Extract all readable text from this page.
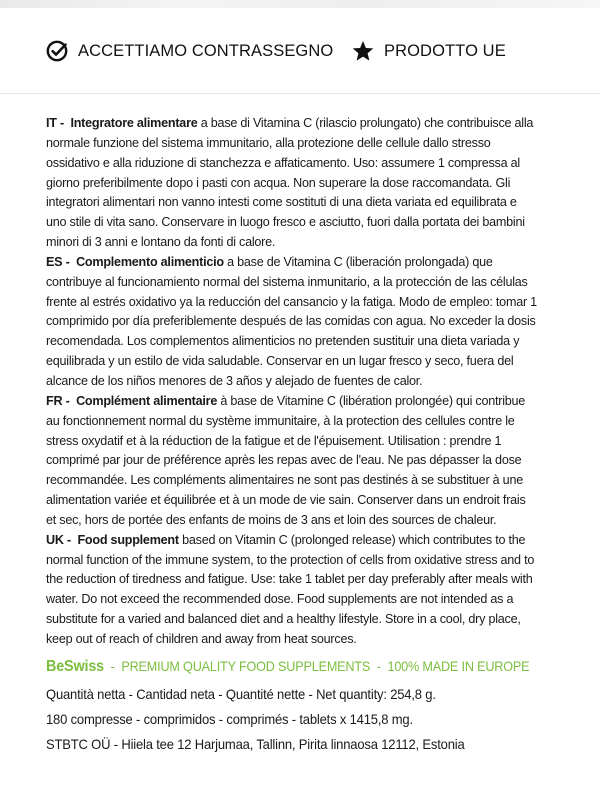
ACCETTIAMO CONTRASSEGNO	PRODOTTO UE

IT -  Integratore alimentare a base di Vitamina C (rilascio prolungato) che contribuisce alla normale funzione del sistema immunitario, alla protezione delle cellule dallo stresso ossidativo e alla riduzione di stanchezza e affaticamento. Uso: assumere 1 compressa al giorno preferibilmente dopo i pasti con acqua. Non superare la dose raccomandata. Gli integratori alimentari non vanno intesti come sostituti di una dieta variata ed equilibrata e uno stile di vita sano. Conservare in luogo fresco e asciutto, fuori dalla portata dei bambini minori di 3 anni e lontano da fonti di calore.

ES -  Complemento alimenticio a base de Vitamina C (liberación prolongada) que contribuye al funcionamiento normal del sistema inmunitario, a la protección de las células frente al estrés oxidativo ya la reducción del cansancio y la fatiga. Modo de empleo: tomar 1 comprimido por día preferiblemente después de las comidas con agua. No exceder la dosis recomendada. Los complementos alimenticios no pretenden sustituir una dieta variada y equilibrada y un estilo de vida saludable. Conservar en un lugar fresco y seco, fuera del alcance de los niños menores de 3 años y alejado de fuentes de calor.

FR -  Complément alimentaire à base de Vitamine C (libération prolongée) qui contribue au fonctionnement normal du système immunitaire, à la protection des cellules contre le stress oxydatif et à la réduction de la fatigue et de l'épuisement. Utilisation : prendre 1 comprimé par jour de préférence après les repas avec de l'eau. Ne pas dépasser la dose recommandée. Les compléments alimentaires ne sont pas destinés à se substituer à une alimentation variée et équilibrée et à un mode de vie sain. Conserver dans un endroit frais et sec, hors de portée des enfants de moins de 3 ans et loin des sources de chaleur.

UK -  Food supplement based on Vitamin C (prolonged release) which contributes to the normal function of the immune system, to the protection of cells from oxidative stress and to the reduction of tiredness and fatigue. Use: take 1 tablet per day preferably after meals with water. Do not exceed the recommended dose. Food supplements are not intended as a substitute for a varied and balanced diet and a healthy lifestyle. Store in a cool, dry place, keep out of reach of children and away from heat sources.

BeSwiss  -  PREMIUM QUALITY FOOD SUPPLEMENTS  -  100% MADE IN EUROPE
Quantità netta - Cantidad neta - Quantité nette - Net quantity: 254,8 g.
180 compresse - comprimidos - comprimés - tablets x 1415,8 mg.
STBTC OÜ - Hiiela tee 12 Harjumaa, Tallinn, Pirita linnaosa 12112, Estonia
